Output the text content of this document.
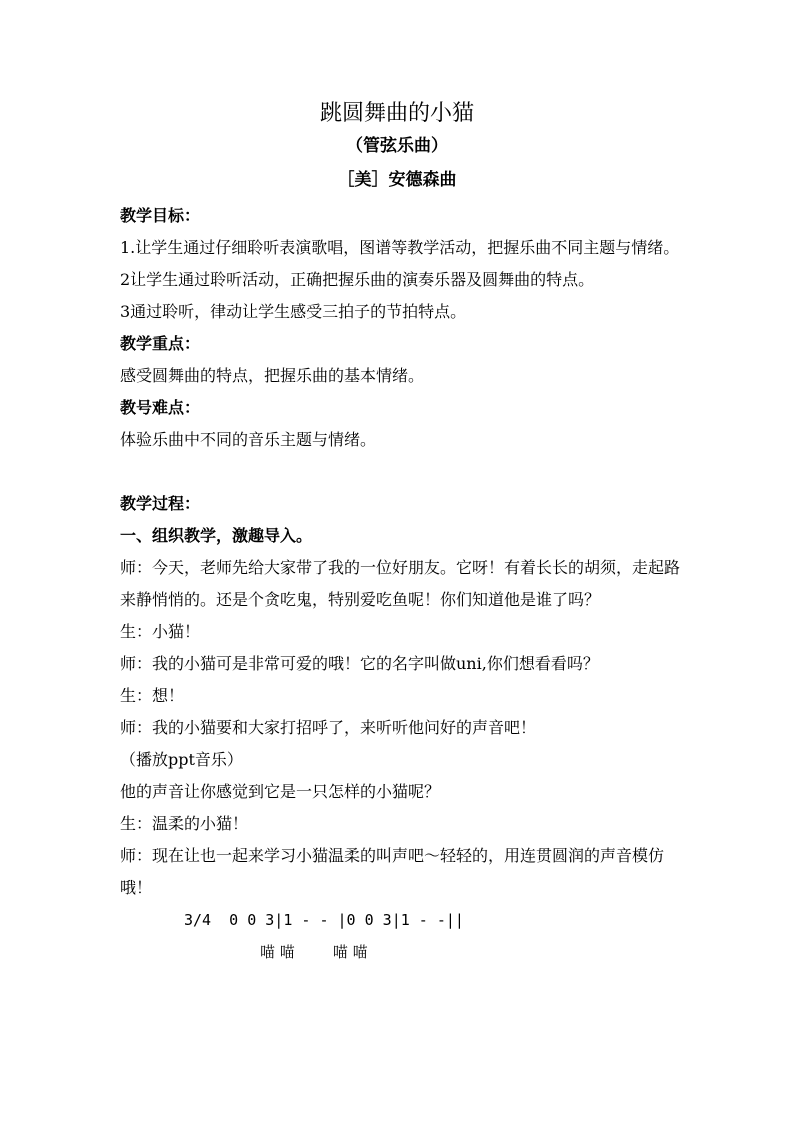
跳圆舞曲的小猫
（管弦乐曲）
［美］安德森曲

教学目标：

1.让学生通过仔细聆听表演歌唱，图谱等教学活动，把握乐曲不同主题与情绪。

2让学生通过聆听活动，正确把握乐曲的演奏乐器及圆舞曲的特点。

3通过聆听，律动让学生感受三拍子的节拍特点。

教学重点：

感受圆舞曲的特点，把握乐曲的基本情绪。

教号难点：

体验乐曲中不同的音乐主题与情绪。

教学过程：

一、组织教学，激趣导入。

师：今天，老师先给大家带了我的一位好朋友。它呀！有着长长的胡须，走起路来静悄悄的。还是个贪吃鬼，特别爱吃鱼呢！你们知道他是谁了吗？

生：小猫！

师：我的小猫可是非常可爱的哦！它的名字叫做uni,你们想看看吗？

生：想！

师：我的小猫要和大家打招呼了，来听听他问好的声音吧！

（播放ppt音乐）

他的声音让你感觉到它是一只怎样的小猫呢？

生：温柔的小猫！

师：现在让也一起来学习小猫温柔的叫声吧～轻轻的，用连贯圆润的声音模仿哦！

3/4  0 0 3|1 - - |0 0 3|1 - -||
喵 喵        喵 喵
